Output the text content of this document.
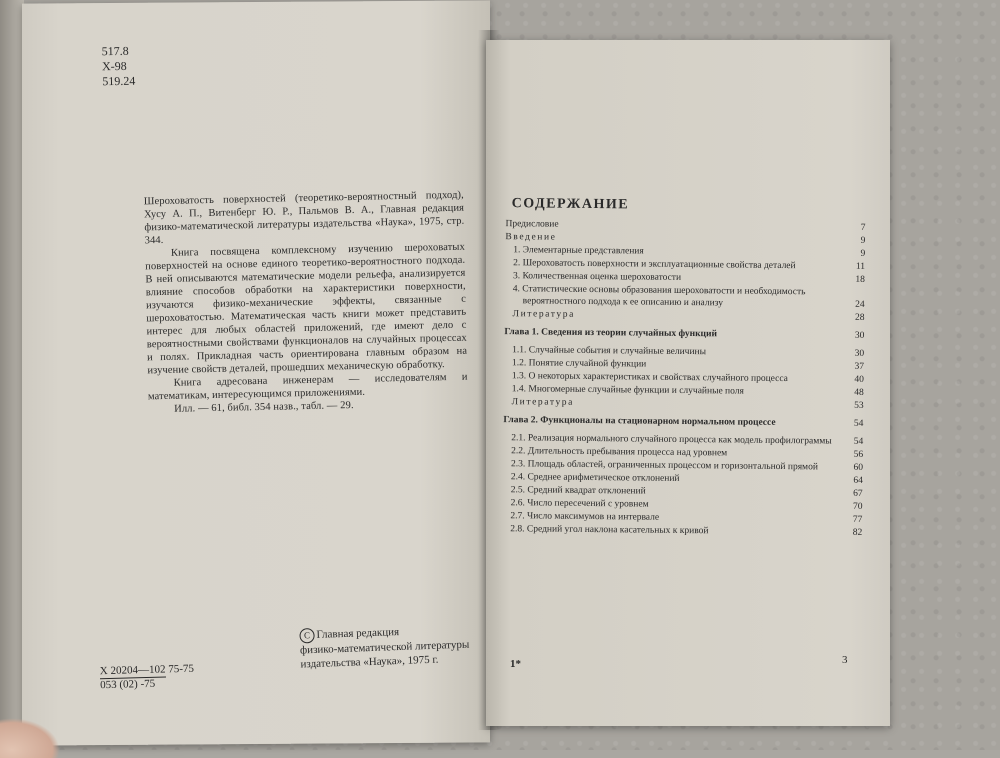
517.8
Х-98
519.24

Шероховатость поверхностей (теоретико-вероятностный подход), Хусу А. П., Витенберг Ю. Р., Пальмов В. А., Главная редакция физико-математической литературы издательства «Наука», 1975, стр. 344.

Книга посвящена комплексному изучению шероховатых поверхностей на основе единого теоретико-вероятностного подхода. В ней описываются математические модели рельефа, анализируется влияние способов обработки на характеристики поверхности, изучаются физико-механические эффекты, связанные с шероховатостью. Математическая часть книги может представить интерес для любых областей приложений, где имеют дело с вероятностными свойствами функционалов на случайных процессах и полях. Прикладная часть ориентирована главным образом на изучение свойств деталей, прошедших механическую обработку.

Книга адресована инженерам — исследователям и математикам, интересующимся приложениями.

Илл. — 61, библ. 354 назв., табл. — 29.

С Главная редакция
физико-математической литературы
издательства «Наука», 1975 г.
Х 20204—102 75-75
053 (02) -75
СОДЕРЖАНИЕ
Предисловие	7
Введение	9
1. Элементарные представления	9
2. Шероховатость поверхности и эксплуатационные свойства деталей	11
3. Количественная оценка шероховатости	18
4. Статистические основы образования шероховатости и необходимость вероятностного подхода к ее описанию и анализу	24
Литература	28
Глава 1. Сведения из теории случайных функций	30
1.1. Случайные события и случайные величины	30
1.2. Понятие случайной функции	37
1.3. О некоторых характеристиках и свойствах случайного процесса	40
1.4. Многомерные случайные функции и случайные поля	48
Литература	53
Глава 2. Функционалы на стационарном нормальном процессе	54
2.1. Реализация нормального случайного процесса как модель профилограммы	54
2.2. Длительность пребывания процесса над уровнем	56
2.3. Площадь областей, ограниченных процессом и горизонтальной прямой	60
2.4. Среднее арифметическое отклонений	64
2.5. Средний квадрат отклонений	67
2.6. Число пересечений с уровнем	70
2.7. Число максимумов на интервале	77
2.8. Средний угол наклона касательных к кривой	82
1*	3
